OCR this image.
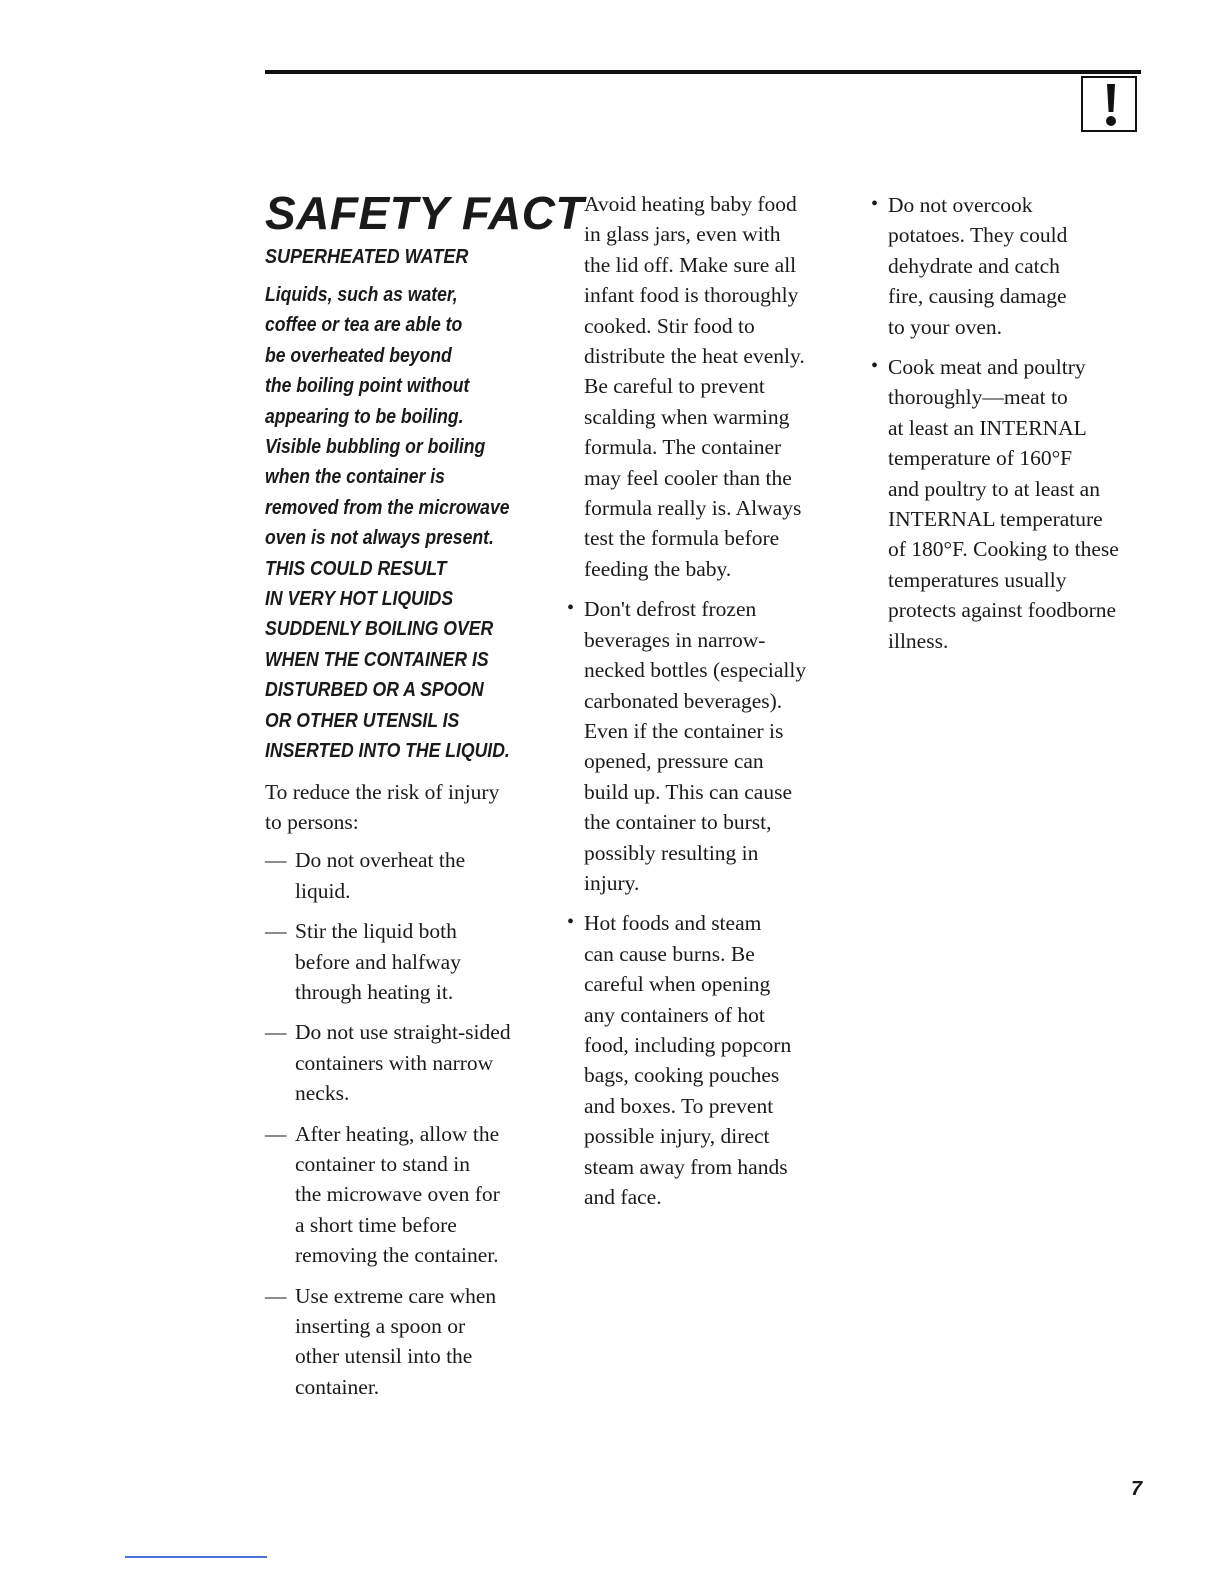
SAFETY FACT
SUPERHEATED WATER
Liquids, such as water,
coffee or tea are able to
be overheated beyond
the boiling point without
appearing to be boiling.
Visible bubbling or boiling
when the container is
removed from the microwave
oven is not always present.
THIS COULD RESULT
IN VERY HOT LIQUIDS
SUDDENLY BOILING OVER
WHEN THE CONTAINER IS
DISTURBED OR A SPOON
OR OTHER UTENSIL IS
INSERTED INTO THE LIQUID.
To reduce the risk of injury
to persons:
— Do not overheat the
liquid.
— Stir the liquid both
before and halfway
through heating it.
— Do not use straight-sided
containers with narrow
necks.
— After heating, allow the
container to stand in
the microwave oven for
a short time before
removing the container.
— Use extreme care when
inserting a spoon or
other utensil into the
container.
• Avoid heating baby food
in glass jars, even with
the lid off. Make sure all
infant food is thoroughly
cooked. Stir food to
distribute the heat evenly.
Be careful to prevent
scalding when warming
formula. The container
may feel cooler than the
formula really is. Always
test the formula before
feeding the baby.
• Don't defrost frozen
beverages in narrow-
necked bottles (especially
carbonated beverages).
Even if the container is
opened, pressure can
build up. This can cause
the container to burst,
possibly resulting in
injury.
• Hot foods and steam
can cause burns. Be
careful when opening
any containers of hot
food, including popcorn
bags, cooking pouches
and boxes. To prevent
possible injury, direct
steam away from hands
and face.
• Do not overcook
potatoes. They could
dehydrate and catch
fire, causing damage
to your oven.
• Cook meat and poultry
thoroughly—meat to
at least an INTERNAL
temperature of 160°F
and poultry to at least an
INTERNAL temperature
of 180°F. Cooking to these
temperatures usually
protects against foodborne
illness.
7
